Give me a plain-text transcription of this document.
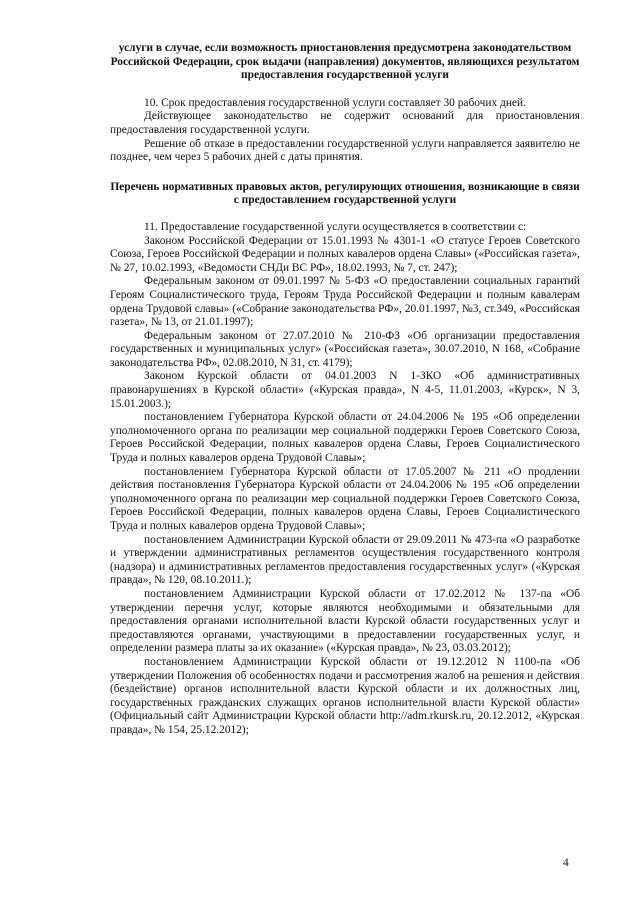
услуги в случае, если возможность приостановления предусмотрена законодательством Российской Федерации, срок выдачи (направления) документов, являющихся результатом предоставления государственной услуги

10. Срок предоставления государственной услуги составляет 30 рабочих дней.

Действующее законодательство не содержит оснований для приостановления предоставления государственной услуги.

Решение об отказе в предоставлении государственной услуги направляется заявителю не позднее, чем через 5 рабочих дней с даты принятия.

Перечень нормативных правовых актов, регулирующих отношения, возникающие в связи с предоставлением государственной услуги

11. Предоставление государственной услуги осуществляется в соответствии с:

Законом Российской Федерации от 15.01.1993 № 4301-1 «О статусе Героев Советского Союза, Героев Российской Федерации и полных кавалеров ордена Славы» («Российская газета», № 27, 10.02.1993, «Ведомости СНДи ВС РФ», 18.02.1993, № 7, ст. 247);

Федеральным законом от 09.01.1997 № 5-ФЗ «О предоставлении социальных гарантий Героям Социалистического труда, Героям Труда Российской Федерации и полным кавалерам ордена Трудовой славы» («Собрание законодательства РФ», 20.01.1997, №3, ст.349, «Российская газета», № 13, от 21.01.1997);

Федеральным законом от 27.07.2010 № 210-ФЗ «Об организации предоставления государственных и муниципальных услуг» («Российская газета», 30.07.2010, N 168, «Собрание законодательства РФ», 02.08.2010, N 31, ст. 4179);

Законом Курской области от 04.01.2003 N 1-ЗКО «Об административных правонарушениях в Курской области» («Курская правда», N 4-5, 11.01.2003, «Курск», N 3, 15.01.2003.);

постановлением Губернатора Курской области от 24.04.2006 № 195 «Об определении уполномоченного органа по реализации мер социальной поддержки Героев Советского Союза, Героев Российской Федерации, полных кавалеров ордена Славы, Героев Социалистического Труда и полных кавалеров ордена Трудовой Славы»;

постановлением Губернатора Курской области от 17.05.2007 № 211 «О продлении действия постановления Губернатора Курской области от 24.04.2006 № 195 «Об определении уполномоченного органа по реализации мер социальной поддержки Героев Советского Союза, Героев Российской Федерации, полных кавалеров ордена Славы, Героев Социалистического Труда и полных кавалеров ордена Трудовой Славы»;

постановлением Администрации Курской области от 29.09.2011 № 473-па «О разработке и утверждении административных регламентов осуществления государственного контроля (надзора) и административных регламентов предоставления государственных услуг» («Курская правда», № 120, 08.10.2011.);

постановлением Администрации Курской области от 17.02.2012 № 137-па «Об утверждении перечня услуг, которые являются необходимыми и обязательными для предоставления органами исполнительной власти Курской области государственных услуг и предоставляются органами, участвующими в предоставлении государственных услуг, и определении размера платы за их оказание» («Курская правда», № 23, 03.03.2012);

постановлением Администрации Курской области от 19.12.2012 N 1100-па «Об утверждении Положения об особенностях подачи и рассмотрения жалоб на решения и действия (бездействие) органов исполнительной власти Курской области и их должностных лиц, государственных гражданских служащих органов исполнительной власти Курской области» (Официальный сайт Администрации Курской области http://adm.rkursk.ru, 20.12.2012, «Курская правда», № 154, 25.12.2012);

4
